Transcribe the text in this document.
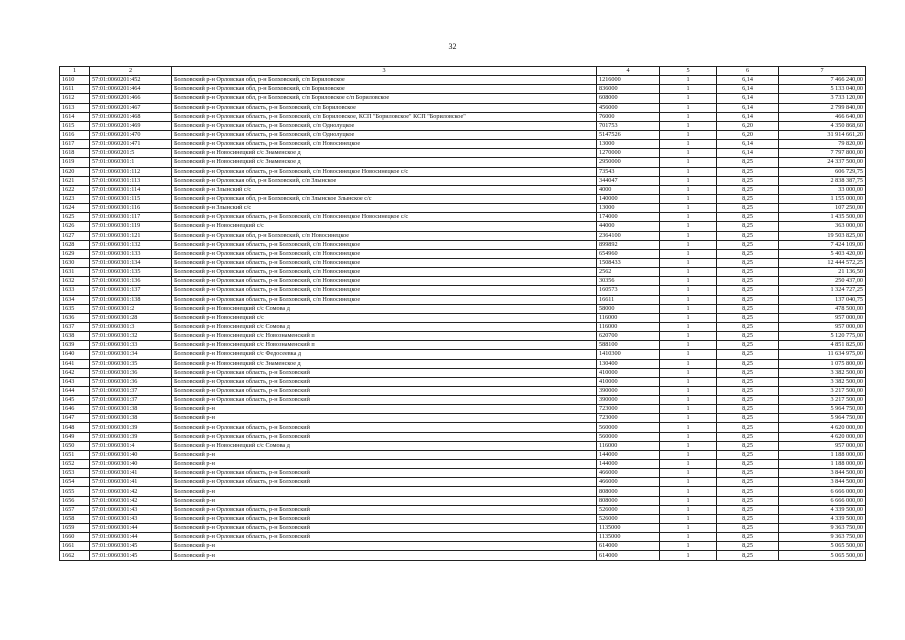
32
1	2	3	4	5	6	7
1610	57:01:0060201:452	Болховский р-н Орловская обл, р-н Болховский, с/п Бориловское	1216000	1	6,14	7 466 240,00
1611	57:01:0060201:464	Болховский р-н Орловская обл, р-н Болховский, с/п Бориловское	836000	1	6,14	5 133 040,00
1612	57:01:0060201:466	Болховский р-н Орловская обл, р-н Болховский, с/п Бориловское с/п Бориловское	608000	1	6,14	3 733 120,00
1613	57:01:0060201:467	Болховский р-н Орловская область, р-н Болховский, с/п Бориловское	456000	1	6,14	2 799 840,00
1614	57:01:0060201:468	Болховский р-н Орловская область, р-н Болховский, с/п Бориловское, КСП "Бориловское" КСП "Бориловское"	76000	1	6,14	466 640,00
1615	57:01:0060201:469	Болховский р-н Орловская область, р-н Болховский, с/п Однолуцкое	701753	1	6,20	4 350 868,60
1616	57:01:0060201:470	Болховский р-н Орловская область, р-н Болховский, с/п Однолуцкое	5147526	1	6,20	31 914 661,20
1617	57:01:0060201:471	Болховский р-н Орловская область, р-н Болховский, с/п Новосинецкое	13000	1	6,14	79 820,00
1618	57:01:0060201:5	Болховский р-н Новосинецкий с/с Знаменское д	1270000	1	6,14	7 797 800,00
1619	57:01:0060301:1	Болховский р-н Новосинецкий с/с Знаменское д	2950000	1	8,25	24 337 500,00
1620	57:01:0060301:112	Болховский р-н Орловская область, р-н Болховский, с/п Новосинецкое Новосинецкое с/с	73543	1	8,25	606 729,75
1621	57:01:0060301:113	Болховский р-н Орловская обл, р-н Болховский, с/п Злынское	344047	1	8,25	2 838 387,75
1622	57:01:0060301:114	Болховский р-н Злынский с/с	4000	1	8,25	33 000,00
1623	57:01:0060301:115	Болховский р-н Орловская обл, р-н Болховский, с/п Злынское Злынское с/с	140000	1	8,25	1 155 000,00
1624	57:01:0060301:116	Болховский р-н Злынский с/с	13000	1	8,25	107 250,00
1625	57:01:0060301:117	Болховский р-н Орловская область, р-н Болховский, с/п Новосинецкое Новосинецкое с/с	174000	1	8,25	1 435 500,00
1626	57:01:0060301:119	Болховский р-н Новосинецкий с/с	44000	1	8,25	363 000,00
1627	57:01:0060301:121	Болховский р-н Орловская обл, р-н Болховский, с/п Новосинецкое	2364100	1	8,25	19 503 825,00
1628	57:01:0060301:132	Болховский р-н Орловская область, р-н Болховский, с/п Новосинецкое	899892	1	8,25	7 424 109,00
1629	57:01:0060301:133	Болховский р-н Орловская область, р-н Болховский, с/п Новосинецкое	654960	1	8,25	5 403 420,00
1630	57:01:0060301:134	Болховский р-н Орловская область, р-н Болховский, с/п Новосинецкое	1508433	1	8,25	12 444 572,25
1631	57:01:0060301:135	Болховский р-н Орловская область, р-н Болховский, с/п Новосинецкое	2562	1	8,25	21 136,50
1632	57:01:0060301:136	Болховский р-н Орловская область, р-н Болховский, с/п Новосинецкое	30356	1	8,25	250 437,00
1633	57:01:0060301:137	Болховский р-н Орловская область, р-н Болховский, с/п Новосинецкое	160573	1	8,25	1 324 727,25
1634	57:01:0060301:138	Болховский р-н Орловская область, р-н Болховский, с/п Новосинецкое	16611	1	8,25	137 040,75
1635	57:01:0060301:2	Болховский р-н Новосинецкий с/с Сомова д	58000	1	8,25	478 500,00
1636	57:01:0060301:28	Болховский р-н Новосинецкий с/с	116000	1	8,25	957 000,00
1637	57:01:0060301:3	Болховский р-н Новосинецкий с/с Сомова д	116000	1	8,25	957 000,00
1638	57:01:0060301:32	Болховский р-н Новосинецкий с/с Новознаменский п	620700	1	8,25	5 120 775,00
1639	57:01:0060301:33	Болховский р-н Новосинецкий с/с Новознаменский п	588100	1	8,25	4 851 825,00
1640	57:01:0060301:34	Болховский р-н Новосинецкий с/с Федосеевка д	1410300	1	8,25	11 634 975,00
1641	57:01:0060301:35	Болховский р-н Новосинецкий с/с Знаменское д	130400	1	8,25	1 075 800,00
1642	57:01:0060301:36	Болховский р-н Орловская область, р-н Болховский	410000	1	8,25	3 382 500,00
1643	57:01:0060301:36	Болховский р-н Орловская область, р-н Болховский	410000	1	8,25	3 382 500,00
1644	57:01:0060301:37	Болховский р-н Орловская область, р-н Болховский	390000	1	8,25	3 217 500,00
1645	57:01:0060301:37	Болховский р-н Орловская область, р-н Болховский	390000	1	8,25	3 217 500,00
1646	57:01:0060301:38	Болховский р-н	723000	1	8,25	5 964 750,00
1647	57:01:0060301:38	Болховский р-н	723000	1	8,25	5 964 750,00
1648	57:01:0060301:39	Болховский р-н Орловская область, р-н Болховский	560000	1	8,25	4 620 000,00
1649	57:01:0060301:39	Болховский р-н Орловская область, р-н Болховский	560000	1	8,25	4 620 000,00
1650	57:01:0060301:4	Болховский р-н Новосинецкий с/с Сомова д	116000	1	8,25	957 000,00
1651	57:01:0060301:40	Болховский р-н	144000	1	8,25	1 188 000,00
1652	57:01:0060301:40	Болховский р-н	144000	1	8,25	1 188 000,00
1653	57:01:0060301:41	Болховский р-н Орловская область, р-н Болховский	466000	1	8,25	3 844 500,00
1654	57:01:0060301:41	Болховский р-н Орловская область, р-н Болховский	466000	1	8,25	3 844 500,00
1655	57:01:0060301:42	Болховский р-н	808000	1	8,25	6 666 000,00
1656	57:01:0060301:42	Болховский р-н	808000	1	8,25	6 666 000,00
1657	57:01:0060301:43	Болховский р-н Орловская область, р-н Болховский	526000	1	8,25	4 339 500,00
1658	57:01:0060301:43	Болховский р-н Орловская область, р-н Болховский	526000	1	8,25	4 339 500,00
1659	57:01:0060301:44	Болховский р-н Орловская область, р-н Болховский	1135000	1	8,25	9 363 750,00
1660	57:01:0060301:44	Болховский р-н Орловская область, р-н Болховский	1135000	1	8,25	9 363 750,00
1661	57:01:0060301:45	Болховский р-н	614000	1	8,25	5 065 500,00
1662	57:01:0060301:45	Болховский р-н	614000	1	8,25	5 065 500,00
